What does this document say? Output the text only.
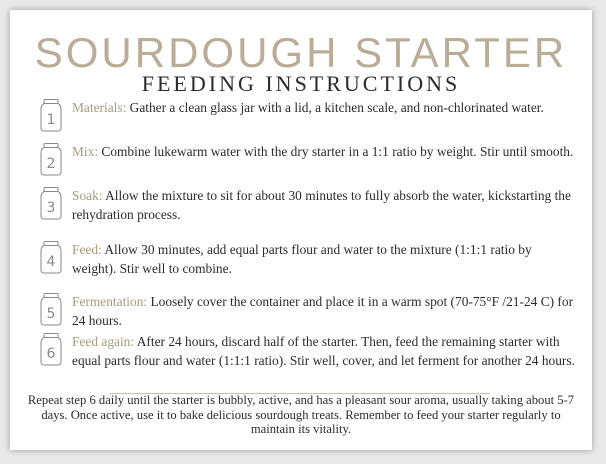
SOURDOUGH STARTER
FEEDING INSTRUCTIONS
1
Materials: Gather a clean glass jar with a lid, a kitchen scale, and non-chlorinated water.
2
Mix: Combine lukewarm water with the dry starter in a 1:1 ratio by weight. Stir until smooth.
3
Soak: Allow the mixture to sit for about 30 minutes to fully absorb the water, kickstarting the rehydration process.
4
Feed: Allow 30 minutes, add equal parts flour and water to the mixture (1:1:1 ratio by weight). Stir well to combine.
5
Fermentation: Loosely cover the container and place it in a warm spot (70-75°F /21-24 C) for 24 hours.
6
Feed again: After 24 hours, discard half of the starter. Then, feed the remaining starter with equal parts flour and water (1:1:1 ratio). Stir well, cover, and let ferment for another 24 hours.
Repeat step 6 daily until the starter is bubbly, active, and has a pleasant sour aroma, usually taking about 5-7 days. Once active, use it to bake delicious sourdough treats. Remember to feed your starter regularly to maintain its vitality.
